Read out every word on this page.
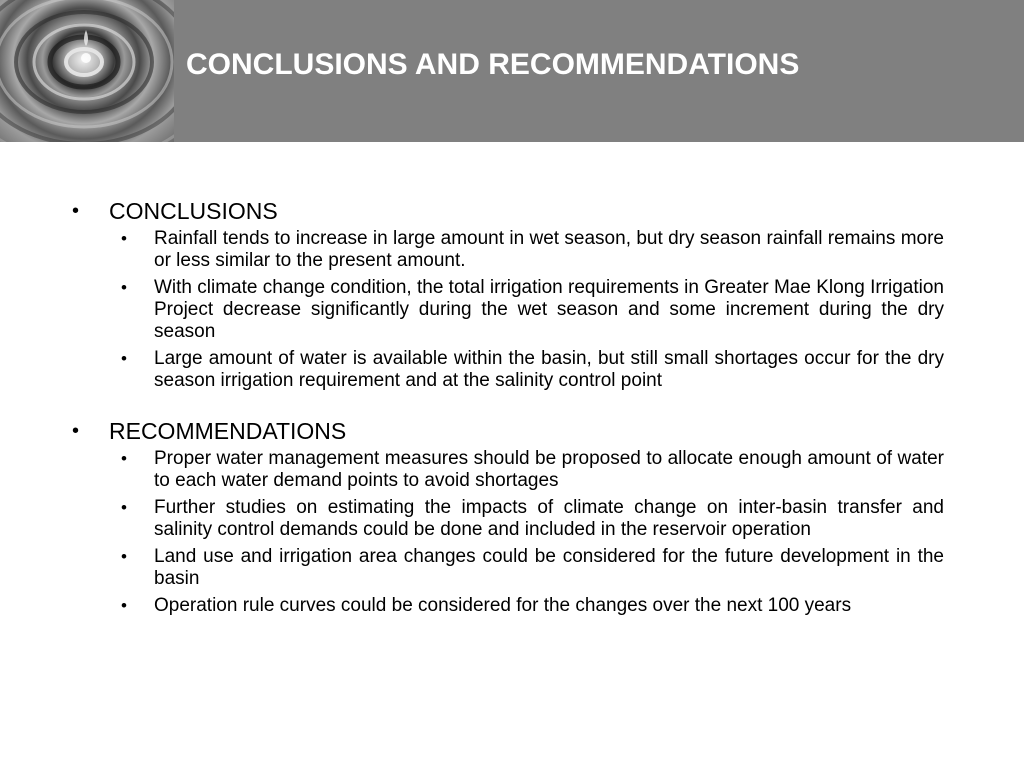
CONCLUSIONS AND RECOMMENDATIONS
• CONCLUSIONS
• Rainfall tends to increase in large amount in wet season, but dry season rainfall remains more or less similar to the present amount.
• With climate change condition, the total irrigation requirements in Greater Mae Klong Irrigation Project decrease significantly during the wet season and some increment during the dry season
• Large amount of water is available within the basin, but still small shortages occur for the dry season irrigation requirement and at the salinity control point
• RECOMMENDATIONS
• Proper water management measures should be proposed to allocate enough amount of water to each water demand points to avoid shortages
• Further studies on estimating the impacts of climate change on inter-basin transfer and salinity control demands could be done and included in the reservoir operation
• Land use and irrigation area changes could be considered for the future development in the basin
• Operation rule curves could be considered for the changes over the next 100 years
